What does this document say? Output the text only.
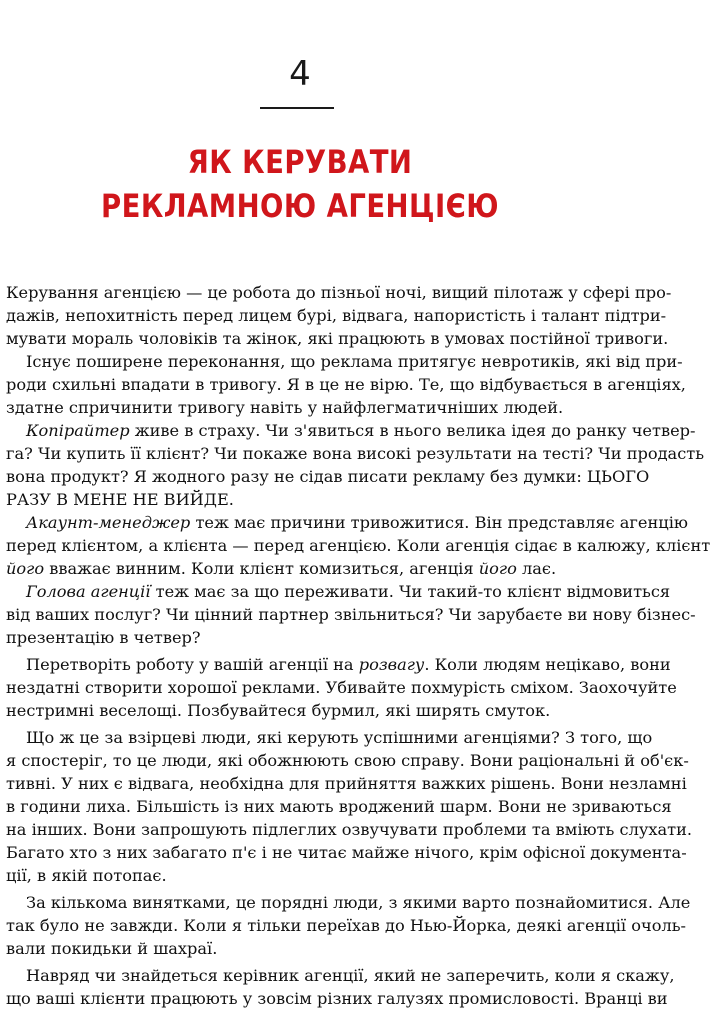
4
ЯК КЕРУВАТИ
РЕКЛАМНОЮ АГЕНЦІЄЮ
Керування агенцією — це робота до пізньої ночі, вищий пілотаж у сфері про-
дажів, непохитність перед лицем бурі, відвага, напористість і талант підтри-
мувати мораль чоловіків та жінок, які працюють в умовах постійної тривоги.
Існує поширене переконання, що реклама притягує невротиків, які від при-
роди схильні впадати в тривогу. Я в це не вірю. Те, що відбувається в агенціях,
здатне спричинити тривогу навіть у найфлегматичніших людей.
Копірайтер живе в страху. Чи з'явиться в нього велика ідея до ранку четвер-
га? Чи купить її клієнт? Чи покаже вона високі результати на тесті? Чи продасть
вона продукт? Я жодного разу не сідав писати рекламу без думки: ЦЬОГО
РАЗУ В МЕНЕ НЕ ВИЙДЕ.
Акаунт-менеджер теж має причини тривожитися. Він представляє агенцію
перед клієнтом, а клієнта — перед агенцією. Коли агенція сідає в калюжу, клієнт
його вважає винним. Коли клієнт комизиться, агенція його лає.
Голова агенції теж має за що переживати. Чи такий-то клієнт відмовиться
від ваших послуг? Чи цінний партнер звільниться? Чи зарубаєте ви нову бізнес-
презентацію в четвер?
Перетворіть роботу у вашій агенції на розвагу. Коли людям нецікаво, вони
нездатні створити хорошої реклами. Убивайте похмурість сміхом. Заохочуйте
нестримні веселощі. Позбувайтеся бурмил, які ширять смуток.
Що ж це за взірцеві люди, які керують успішними агенціями? З того, що
я спостеріг, то це люди, які обожнюють свою справу. Вони раціональні й об'єк-
тивні. У них є відвага, необхідна для прийняття важких рішень. Вони незламні
в години лиха. Більшість із них мають вроджений шарм. Вони не зриваються
на інших. Вони запрошують підлеглих озвучувати проблеми та вміють слухати.
Багато хто з них забагато п'є і не читає майже нічого, крім офісної документа-
ції, в якій потопає.
За кількома винятками, це порядні люди, з якими варто познайомитися. Але
так було не завжди. Коли я тільки переїхав до Нью-Йорка, деякі агенції очоль-
вали покидьки й шахраї.
Навряд чи знайдеться керівник агенції, який не заперечить, коли я скажу,
що ваші клієнти працюють у зовсім різних галузях промисловості. Вранці ви
